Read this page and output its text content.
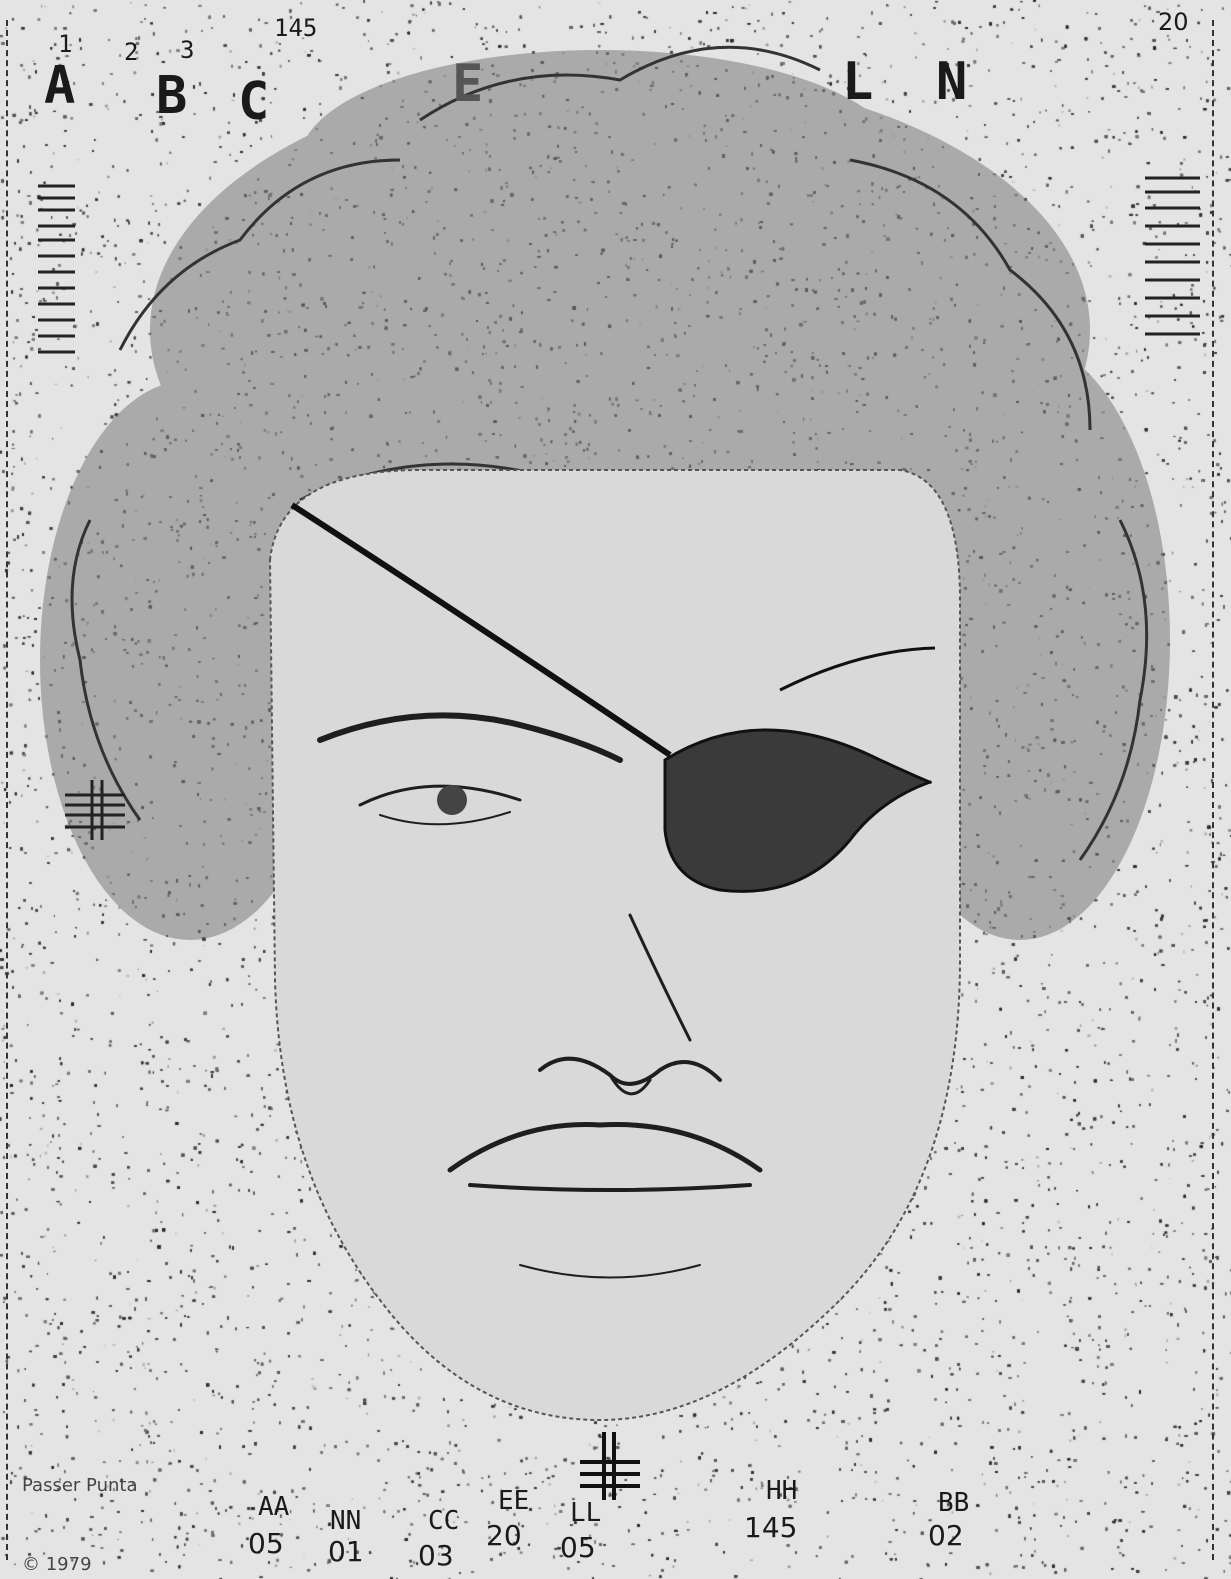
1 2 3
145
A B C	E	L N
20
Passer Punta
© 1979
AA
05
NN
01
CC
03
EE
20
LL
05
HH
145
BB
02
